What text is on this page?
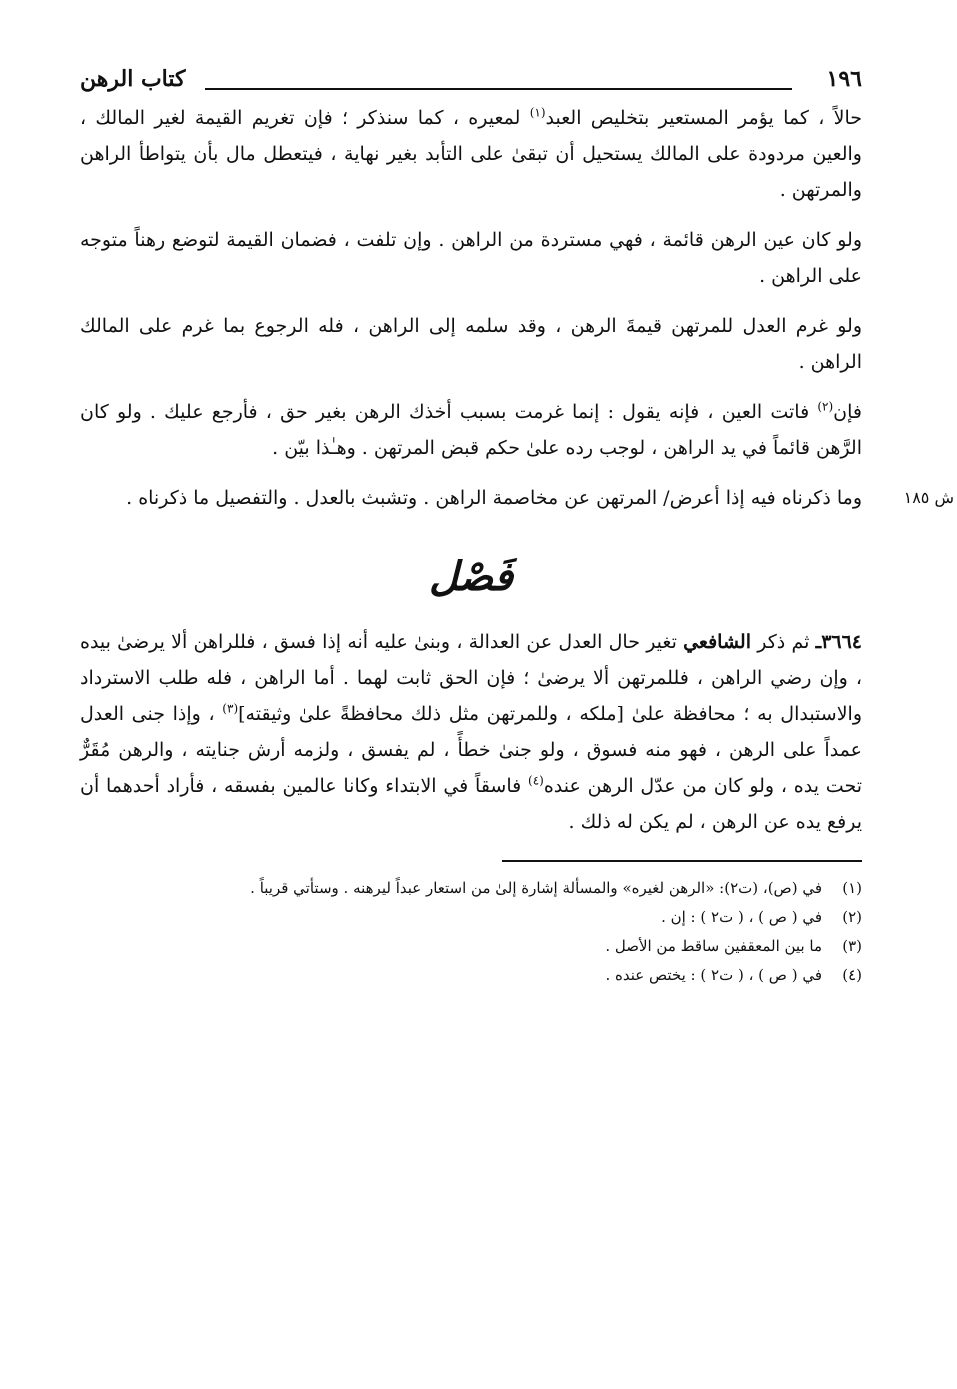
١٩٦
كتاب الرهن

حالاً ، كما يؤمر المستعير بتخليص العبد$^{(١)}$ لمعيره ، كما سنذكر ؛ فإن تغريم القيمة لغير المالك ، والعين مردودة على المالك يستحيل أن تبقىٰ على التأبد بغير نهاية ، فيتعطل مال بأن يتواطأ الراهن والمرتهن .

ولو كان عين الرهن قائمة ، فهي مستردة من الراهن . وإن تلفت ، فضمان القيمة لتوضع رهناً متوجه على الراهن .

ولو غرم العدل للمرتهن قيمةَ الرهن ، وقد سلمه إلى الراهن ، فله الرجوع بما غرم على المالك الراهن .

فإن$^{(٢)}$ فاتت العين ، فإنه يقول : إنما غرمت بسبب أخذك الرهن بغير حق ، فأرجع عليك . ولو كان الرَّهن قائماً في يد الراهن ، لوجب رده علىٰ حكم قبض المرتهن . وهـٰذا بيّن .

ش ١٨٥
وما ذكرناه فيه إذا أعرض/ المرتهن عن مخاصمة الراهن . وتشبث بالعدل . والتفصيل ما ذكرناه .

فَصْل

٣٦٦٤ـ ثم ذكر الشافعي تغير حال العدل عن العدالة ، وبنىٰ عليه أنه إذا فسق ، فللراهن ألا يرضىٰ بيده ، وإن رضي الراهن ، فللمرتهن ألا يرضىٰ ؛ فإن الحق ثابت لهما . أما الراهن ، فله طلب الاسترداد والاستبدال به ؛ محافظة علىٰ [ملكه ، وللمرتهن مثل ذلك محافظةً علىٰ وثيقته]$^{(٣)}$ ، وإذا جنى العدل عمداً على الرهن ، فهو منه فسوق ، ولو جنىٰ خطأً ، لم يفسق ، ولزمه أرش جنايته ، والرهن مُقَرٌّ تحت يده ، ولو كان من عدّل الرهن عنده$^{(٤)}$ فاسقاً في الابتداء وكانا عالمين بفسقه ، فأراد أحدهما أن يرفع يده عن الرهن ، لم يكن له ذلك .

(١)في (ص)، (ت٢): «الرهن لغيره» والمسألة إشارة إلىٰ من استعار عبداً ليرهنه . وستأتي قريباً .
(٢)في ( ص ) ، ( ت٢ ) : إن .
(٣)ما بين المعقفين ساقط من الأصل .
(٤)في ( ص ) ، ( ت٢ ) : يختص عنده .
